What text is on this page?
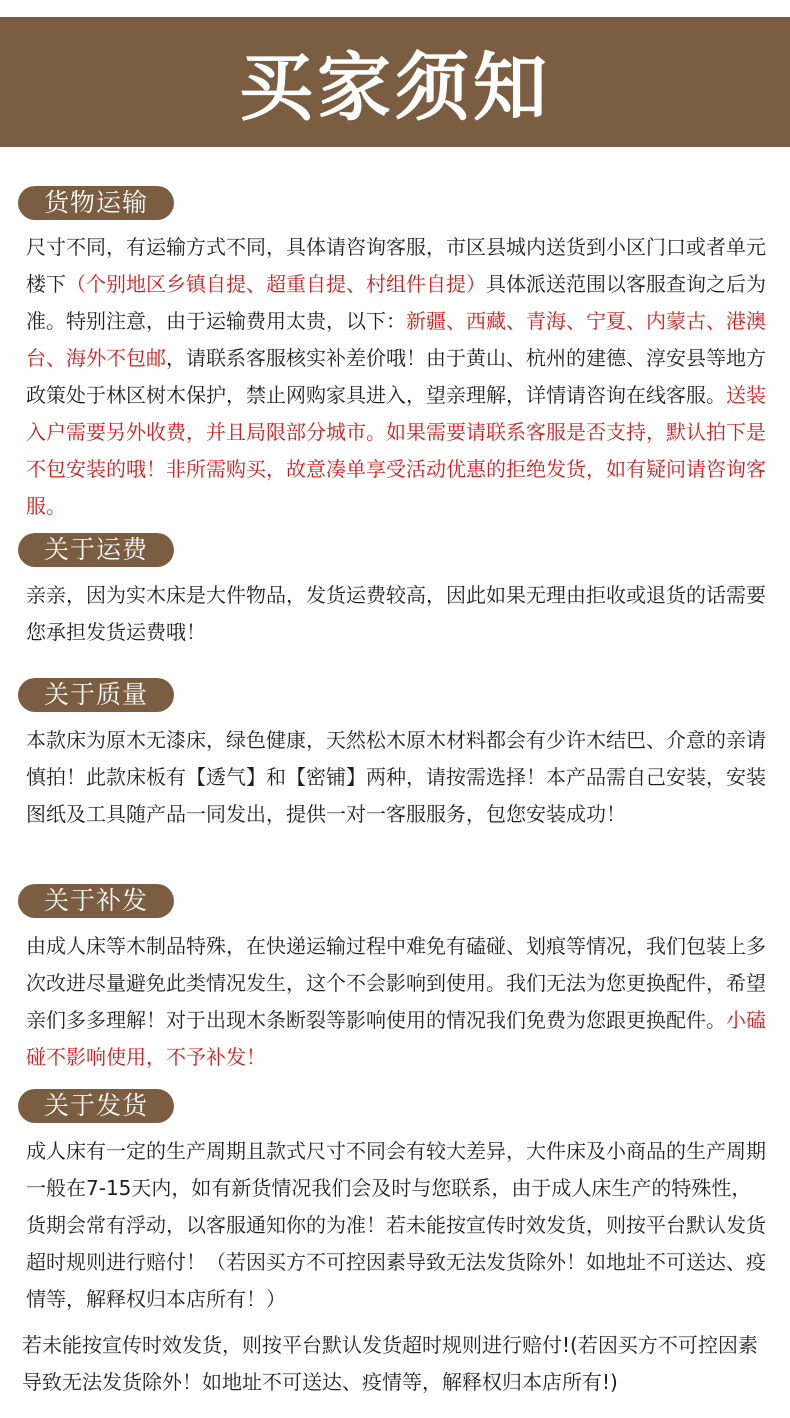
买家须知
货物运输
尺寸不同，有运输方式不同，具体请咨询客服，市区县城内送货到小区门口或者单元楼下（个别地区乡镇自提、超重自提、村组件自提）具体派送范围以客服查询之后为准。特别注意，由于运输费用太贵，以下：新疆、西藏、青海、宁夏、内蒙古、港澳台、海外不包邮，请联系客服核实补差价哦！由于黄山、杭州的建德、淳安县等地方政策处于林区树木保护，禁止网购家具进入，望亲理解，详情请咨询在线客服。送装入户需要另外收费，并且局限部分城市。如果需要请联系客服是否支持，默认拍下是不包安装的哦！非所需购买，故意凑单享受活动优惠的拒绝发货，如有疑问请咨询客服。
关于运费
亲亲，因为实木床是大件物品，发货运费较高，因此如果无理由拒收或退货的话需要您承担发货运费哦！
关于质量
本款床为原木无漆床，绿色健康，天然松木原木材料都会有少许木结巴、介意的亲请慎拍！此款床板有【透气】和【密铺】两种，请按需选择！本产品需自己安装，安装图纸及工具随产品一同发出，提供一对一客服服务，包您安装成功！
关于补发
由成人床等木制品特殊，在快递运输过程中难免有磕碰、划痕等情况，我们包装上多次改进尽量避免此类情况发生，这个不会影响到使用。我们无法为您更换配件，希望亲们多多理解！对于出现木条断裂等影响使用的情况我们免费为您跟更换配件。小磕碰不影响使用，不予补发！
关于发货
成人床有一定的生产周期且款式尺寸不同会有较大差异，大件床及小商品的生产周期一般在7-15天内，如有新货情况我们会及时与您联系，由于成人床生产的特殊性，货期会常有浮动，以客服通知你的为准！若未能按宣传时效发货，则按平台默认发货超时规则进行赔付！（若因买方不可控因素导致无法发货除外！如地址不可送达、疫情等，解释权归本店所有！）
若未能按宣传时效发货，则按平台默认发货超时规则进行赔付!(若因买方不可控因素导致无法发货除外！如地址不可送达、疫情等，解释权归本店所有!)
